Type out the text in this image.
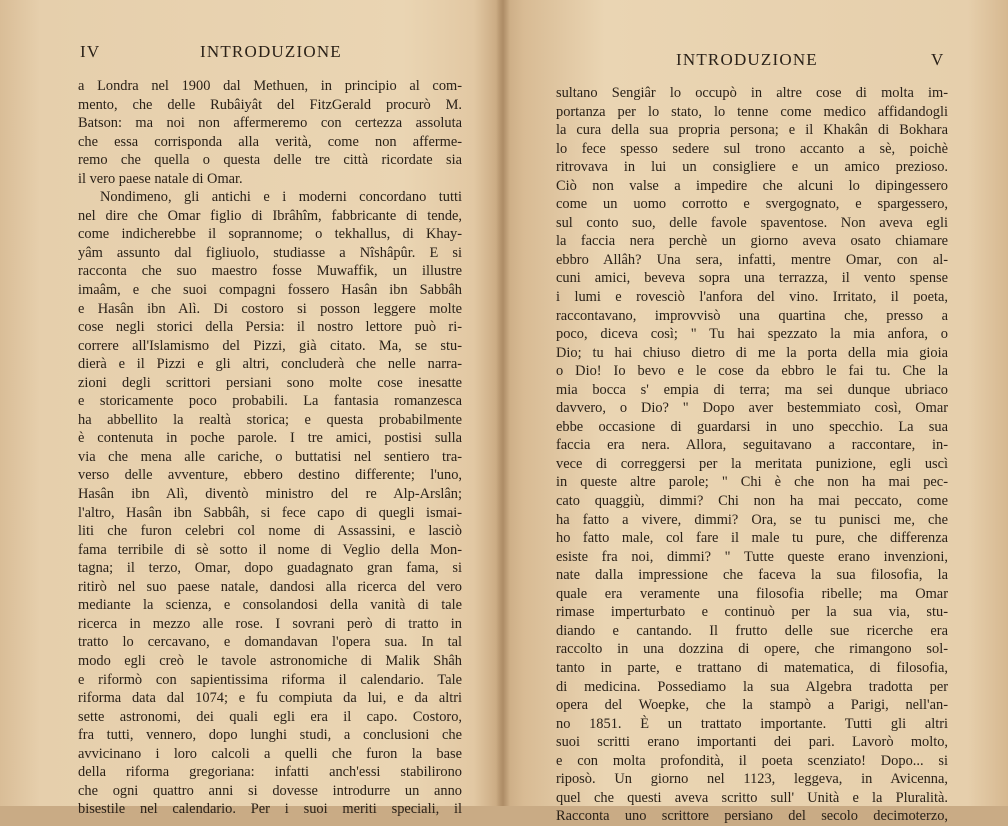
IV	INTRODUZIONE
a Londra nel 1900 dal Methuen, in principio al com-
mento, che delle Rubâiyât del FitzGerald procurò M.
Batson: ma noi non affermeremo con certezza assoluta
che essa corrisponda alla verità, come non afferme-
remo che quella o questa delle tre città ricordate sia
il vero paese natale di Omar.
Nondimeno, gli antichi e i moderni concordano tutti
nel dire che Omar figlio di Ibrâhîm, fabbricante di tende,
come indicherebbe il soprannome; o tekhallus, di Khay-
yâm assunto dal figliuolo, studiasse a Nîshâpûr. E si
racconta che suo maestro fosse Muwaffik, un illustre
imaâm, e che suoi compagni fossero Hasân ibn Sabbâh
e Hasân ibn Alì. Di costoro si posson leggere molte
cose negli storici della Persia: il nostro lettore può ri-
correre all'Islamismo del Pizzi, già citato. Ma, se stu-
dierà e il Pizzi e gli altri, concluderà che nelle narra-
zioni degli scrittori persiani sono molte cose inesatte
e storicamente poco probabili. La fantasia romanzesca
ha abbellito la realtà storica; e questa probabilmente
è contenuta in poche parole. I tre amici, postisi sulla
via che mena alle cariche, o buttatisi nel sentiero tra-
verso delle avventure, ebbero destino differente; l'uno,
Hasân ibn Alì, diventò ministro del re Alp-Arslân;
l'altro, Hasân ibn Sabbâh, si fece capo di quegli ismai-
liti che furon celebri col nome di Assassini, e lasciò
fama terribile di sè sotto il nome di Veglio della Mon-
tagna; il terzo, Omar, dopo guadagnato gran fama, si
ritirò nel suo paese natale, dandosi alla ricerca del vero
mediante la scienza, e consolandosi della vanità di tale
ricerca in mezzo alle rose. I sovrani però di tratto in
tratto lo cercavano, e domandavan l'opera sua. In tal
modo egli creò le tavole astronomiche di Malik Shâh
e riformò con sapientissima riforma il calendario. Tale
riforma data dal 1074; e fu compiuta da lui, e da altri
sette astronomi, dei quali egli era il capo. Costoro,
fra tutti, vennero, dopo lunghi studi, a conclusioni che
avvicinano i loro calcoli a quelli che furon la base
della riforma gregoriana: infatti anch'essi stabilirono
che ogni quattro anni si dovesse introdurre un anno
bisestile nel calendario. Per i suoi meriti speciali, il
INTRODUZIONE	V
sultano Sengiâr lo occupò in altre cose di molta im-
portanza per lo stato, lo tenne come medico affidandogli
la cura della sua propria persona; e il Khakân di Bokhara
lo fece spesso sedere sul trono accanto a sè, poichè
ritrovava in lui un consigliere e un amico prezioso.
Ciò non valse a impedire che alcuni lo dipingessero
come un uomo corrotto e svergognato, e spargessero,
sul conto suo, delle favole spaventose. Non aveva egli
la faccia nera perchè un giorno aveva osato chiamare
ebbro Allâh? Una sera, infatti, mentre Omar, con al-
cuni amici, beveva sopra una terrazza, il vento spense
i lumi e rovesciò l'anfora del vino. Irritato, il poeta,
raccontavano, improvvisò una quartina che, presso a
poco, diceva così; " Tu hai spezzato la mia anfora, o
Dio; tu hai chiuso dietro di me la porta della mia gioia
o Dio! Io bevo e le cose da ebbro le fai tu. Che la
mia bocca s' empia di terra; ma sei dunque ubriaco
davvero, o Dio? " Dopo aver bestemmiato così, Omar
ebbe occasione di guardarsi in uno specchio. La sua
faccia era nera. Allora, seguitavano a raccontare, in-
vece di correggersi per la meritata punizione, egli uscì
in queste altre parole; " Chi è che non ha mai pec-
cato quaggiù, dimmi? Chi non ha mai peccato, come
ha fatto a vivere, dimmi? Ora, se tu punisci me, che
ho fatto male, col fare il male tu pure, che differenza
esiste fra noi, dimmi? " Tutte queste erano invenzioni,
nate dalla impressione che faceva la sua filosofia, la
quale era veramente una filosofia ribelle; ma Omar
rimase imperturbato e continuò per la sua via, stu-
diando e cantando. Il frutto delle sue ricerche era
raccolto in una dozzina di opere, che rimangono sol-
tanto in parte, e trattano di matematica, di filosofia,
di medicina. Possediamo la sua Algebra tradotta per
opera del Woepke, che la stampò a Parigi, nell'an-
no 1851. È un trattato importante. Tutti gli altri
suoi scritti erano importanti dei pari. Lavorò molto,
e con molta profondità, il poeta scenziato! Dopo... si
riposò. Un giorno nel 1123, leggeva, in Avicenna,
quel che questi aveva scritto sull' Unità e la Pluralità.
Racconta uno scrittore persiano del secolo decimoterzo,
